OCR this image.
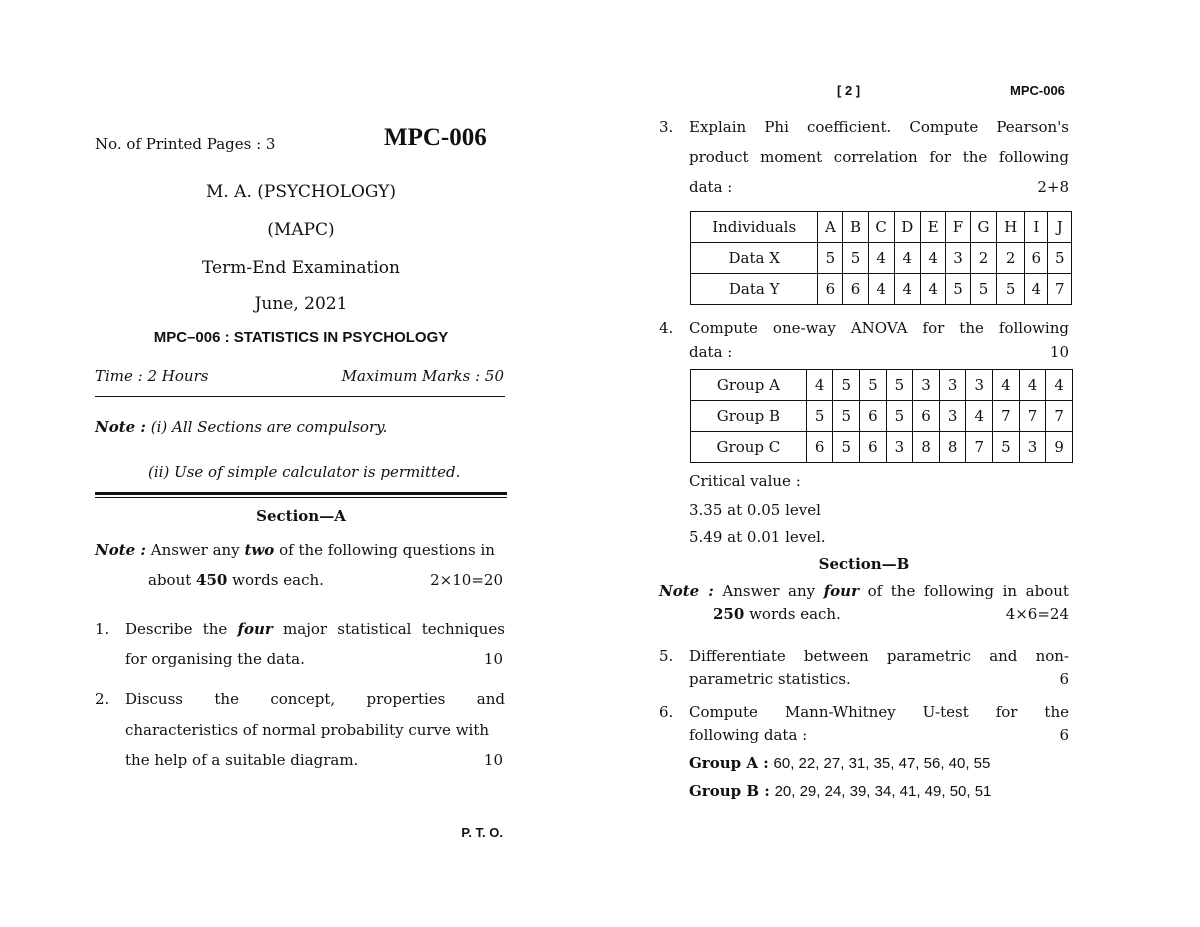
No. of Printed Pages : 3	MPC-006
M. A. (PSYCHOLOGY)
(MAPC)
Term-End Examination
June, 2021
MPC–006 : STATISTICS IN PSYCHOLOGY
Time : 2 Hours	Maximum Marks : 50
Note : (i) All Sections are compulsory.
(ii) Use of simple calculator is permitted.
Section—A
Note : Answer any two of the following questions in
about 450 words each.	2×10=20
1. Describe the four major statistical techniques
for organising the data.	10
2. Discuss the concept, properties and
characteristics of normal probability curve with
the help of a suitable diagram.	10
P. T. O.
[ 2 ]	MPC-006
3. Explain Phi coefficient. Compute Pearson's
product moment correlation for the following
data :	2+8
Individuals	A	B	C	D	E	F	G	H	I	J
Data X	5	5	4	4	4	3	2	2	6	5
Data Y	6	6	4	4	4	5	5	5	4	7
4. Compute one-way ANOVA for the following
data :	10
Group A	4	5	5	5	3	3	3	4	4	4
Group B	5	5	6	5	6	3	4	7	7	7
Group C	6	5	6	3	8	8	7	5	3	9
Critical value :
3.35 at 0.05 level
5.49 at 0.01 level.
Section—B
Note : Answer any four of the following in about
250 words each.	4×6=24
5. Differentiate between parametric and non-
parametric statistics.	6
6. Compute Mann-Whitney U-test for the
following data :	6
Group A : 60, 22, 27, 31, 35, 47, 56, 40, 55
Group B : 20, 29, 24, 39, 34, 41, 49, 50, 51
